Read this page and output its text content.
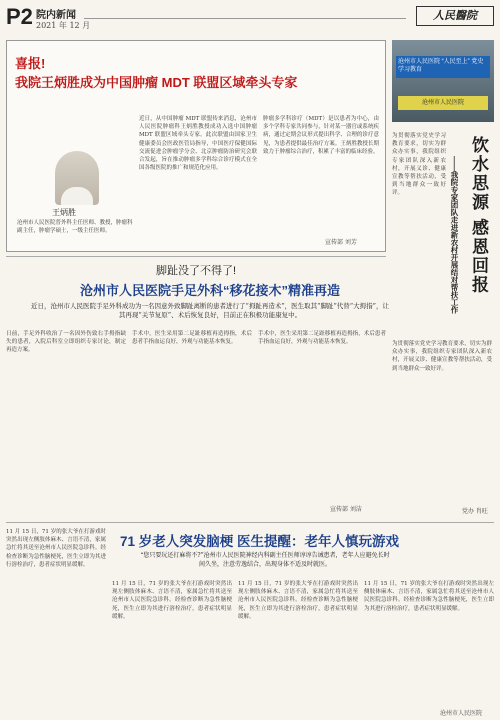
P2 院内新闻
2021 年 12 月
人民醫院
喜报!
我院王炳胜成为中国肿瘤 MDT 联盟区域牵头专家
王炳胜
沧州市人民医院普外科主任医师、教授，肿瘤科副主任，肿瘤学硕士，一级主任医师。
近日，从中国肿瘤 MDT 联盟传来消息，沧州市人民医院肿瘤科王炳胜教授成功入选中国肿瘤 MDT 联盟区域牵头专家。此次联盟由国家卫生健康委员会医政医管局指导，中国医疗保健国际交流促进会肿瘤学分会、北京肿瘤防治研究会联合发起，旨在推动肿瘤多学科综合诊疗模式在全国各级医院的推广和规范化应用。
肿瘤多学科诊疗（MDT）是以患者为中心，由多个学科专家共同参与，针对某一器官或系统疾病，通过定期会议形式提出科学、合理的诊疗意见，为患者提供最佳治疗方案。王炳胜教授长期致力于肿瘤综合治疗，积累了丰富的临床经验。
宣传部 刘芳
沧州市人民医院 “人民至上” 党史学习教育
沧州市人民医院
饮水思源 感恩回报
——我院专家团队走进新农村开展结对帮扶工作
为贯彻落实党史学习教育要求，切实为群众办实事，我院组织专家团队深入新农村，开展义诊、健康宣教等帮扶活动，受到当地群众一致好评。
为贯彻落实党史学习教育要求，切实为群众办实事，我院组织专家团队深入新农村，开展义诊、健康宣教等帮扶活动，受到当地群众一致好评。
党办 肖旺
脚趾没了不得了!
沧州市人民医院手足外科“移花接木”精准再造
近日，沧州市人民医院手足外科成功为一名因意外致脚趾离断的患者进行了“拇趾再造术”，医生取其“脚趾”代替“大拇指”，让其再现“关节复原”、术后恢复良好，目前正在积极功能康复中。
日前，手足外科收治了一名因外伤致右手拇指缺失的患者，入院后科室立即组织专家讨论，制定再造方案。
手术中，医生采用第二足趾移植再造拇指，术后患者手指血运良好，外观与功能基本恢复。
手术中，医生采用第二足趾移植再造拇指，术后患者手指血运良好，外观与功能基本恢复。
宣传部 刘洁
11 月 15 日，71 岁的张大爷在打游戏时突然出现左侧肢体麻木、言语不清，家属急忙将其送至沧州市人民医院急诊科。经检查诊断为急性脑梗死，医生立即为其进行溶栓治疗，患者症状明显缓解。
71 岁老人突发脑梗 医生提醒：老年人慎玩游戏
“您只要玩还打麻将不?”沧州市人民医院神经内科副主任医师谆谆告诫患者，老年人应避免长时间久坐，注意劳逸结合，出现身体不适及时就医。
11 月 15 日，71 岁的张大爷在打游戏时突然出现左侧肢体麻木、言语不清，家属急忙将其送至沧州市人民医院急诊科。经检查诊断为急性脑梗死，医生立即为其进行溶栓治疗，患者症状明显缓解。
11 月 15 日，71 岁的张大爷在打游戏时突然出现左侧肢体麻木、言语不清，家属急忙将其送至沧州市人民医院急诊科。经检查诊断为急性脑梗死，医生立即为其进行溶栓治疗，患者症状明显缓解。
11 月 15 日，71 岁的张大爷在打游戏时突然出现左侧肢体麻木、言语不清，家属急忙将其送至沧州市人民医院急诊科。经检查诊断为急性脑梗死，医生立即为其进行溶栓治疗，患者症状明显缓解。
沧州市人民医院
